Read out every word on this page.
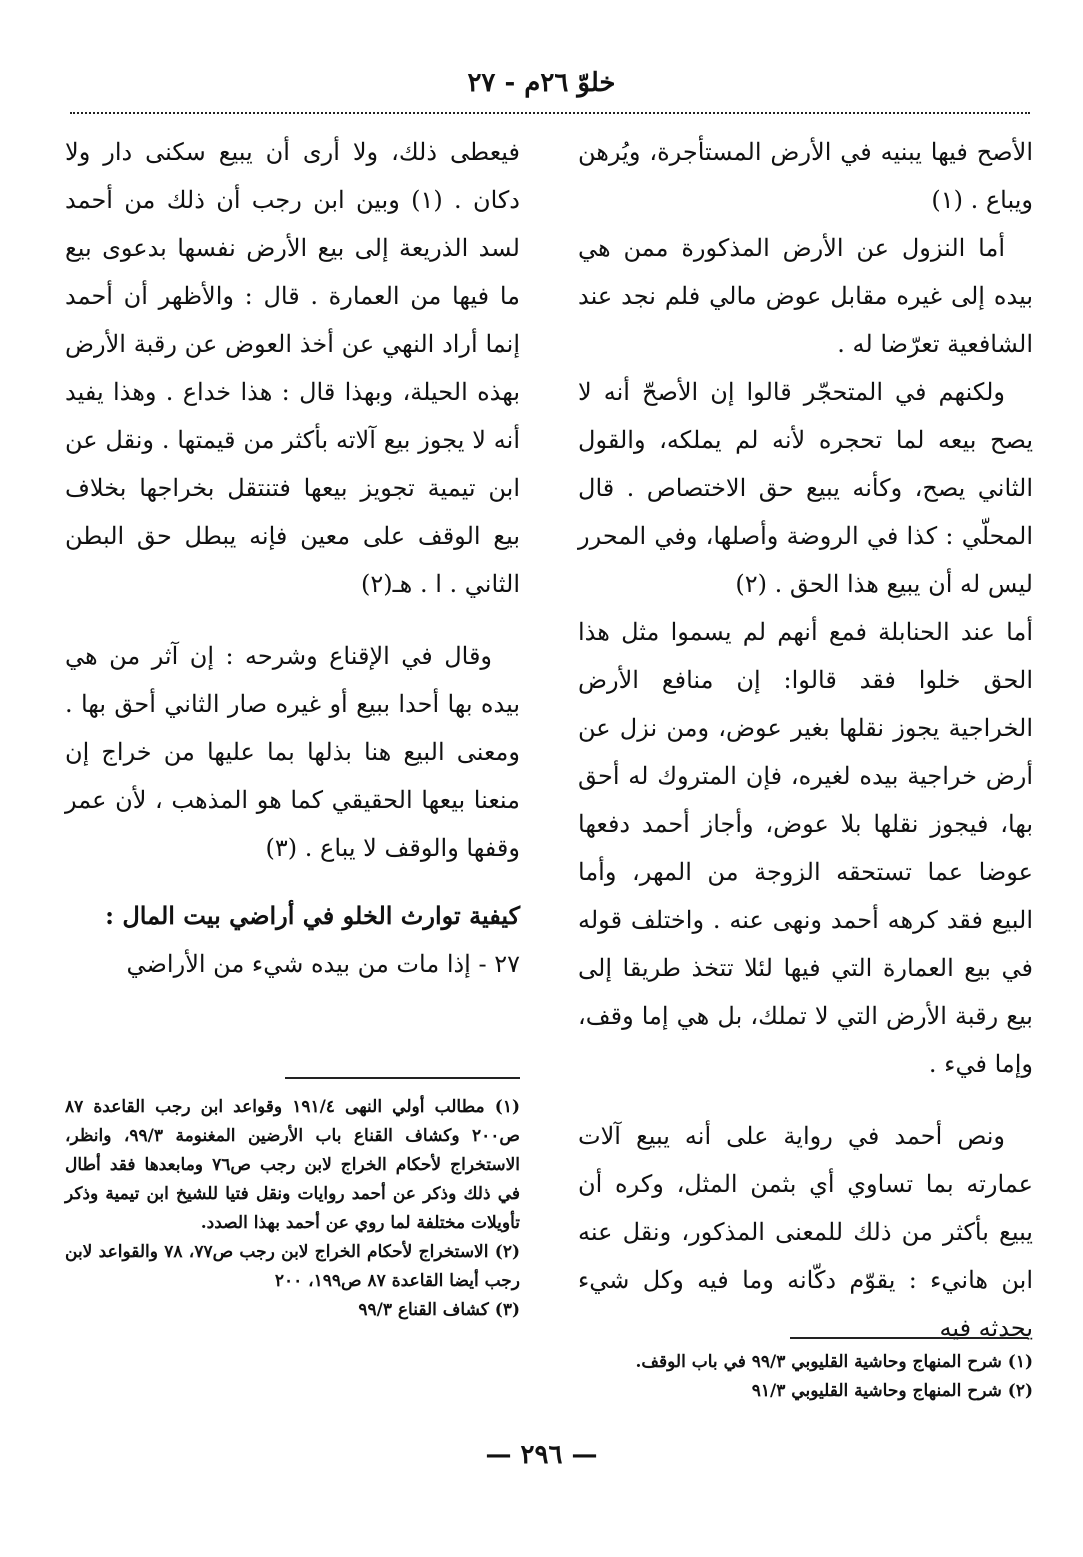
خلوّ ٢٦م - ٢٧

الأصح فيها يبنيه في الأرض المستأجرة، ويُرهن ويباع . (١)

أما النزول عن الأرض المذكورة ممن هي بيده إلى غيره مقابل عوض مالي فلم نجد عند الشافعية تعرّضا له .

ولكنهم في المتحجّر قالوا إن الأصحّ أنه لا يصح بيعه لما تحجره لأنه لم يملكه، والقول الثاني يصح، وكأنه يبيع حق الاختصاص . قال المحلّي : كذا في الروضة وأصلها، وفي المحرر ليس له أن يبيع هذا الحق . (٢)

أما عند الحنابلة فمع أنهم لم يسموا مثل هذا الحق خلوا فقد قالوا: إن منافع الأرض الخراجية يجوز نقلها بغير عوض، ومن نزل عن أرض خراجية بيده لغيره، فإن المتروك له أحق بها، فيجوز نقلها بلا عوض، وأجاز أحمد دفعها عوضا عما تستحقه الزوجة من المهر، وأما البيع فقد كرهه أحمد ونهى عنه . واختلف قوله في بيع العمارة التي فيها لئلا تتخذ طريقا إلى بيع رقبة الأرض التي لا تملك، بل هي إما وقف، وإما فيء .

ونص أحمد في رواية على أنه يبيع آلات عمارته بما تساوي أي بثمن المثل، وكره أن يبيع بأكثر من ذلك للمعنى المذكور، ونقل عنه ابن هانيء : يقوّم دكّانه وما فيه وكل شيء يحدثه فيه

فيعطى ذلك، ولا أرى أن يبيع سكنى دار ولا دكان . (١) وبين ابن رجب أن ذلك من أحمد لسد الذريعة إلى بيع الأرض نفسها بدعوى بيع ما فيها من العمارة . قال : والأظهر أن أحمد إنما أراد النهي عن أخذ العوض عن رقبة الأرض بهذه الحيلة، وبهذا قال : هذا خداع . وهذا يفيد أنه لا يجوز بيع آلاته بأكثر من قيمتها . ونقل عن ابن تيمية تجويز بيعها فتنتقل بخراجها بخلاف بيع الوقف على معين فإنه يبطل حق البطن الثاني . ا . هـ(٢)

وقال في الإقناع وشرحه : إن آثر من هي بيده بها أحدا ببيع أو غيره صار الثاني أحق بها . ومعنى البيع هنا بذلها بما عليها من خراج إن منعنا بيعها الحقيقي كما هو المذهب ، لأن عمر وقفها والوقف لا يباع . (٣)

كيفية توارث الخلو في أراضي بيت المال :

٢٧ - إذا مات من بيده شيء من الأراضي

(١) مطالب أولي النهى ١٩١/٤ وقواعد ابن رجب القاعدة ٨٧ ص٢٠٠ وكشاف القناع باب الأرضين المغنومة ٩٩/٣، وانظر، الاستخراج لأحكام الخراج لابن رجب ص٧٦ ومابعدها فقد أطال في ذلك وذكر عن أحمد روايات ونقل فتيا للشيخ ابن تيمية وذكر تأويلات مختلفة لما روي عن أحمد بهذا الصدد.

(٢) الاستخراج لأحكام الخراج لابن رجب ص٧٧، ٧٨ والقواعد لابن رجب أيضا القاعدة ٨٧ ص١٩٩، ٢٠٠

(٣) كشاف القناع ٩٩/٣

(١) شرح المنهاج وحاشية القليوبي ٩٩/٣ في باب الوقف.

(٢) شرح المنهاج وحاشية القليوبي ٩١/٣

— ٢٩٦ —
